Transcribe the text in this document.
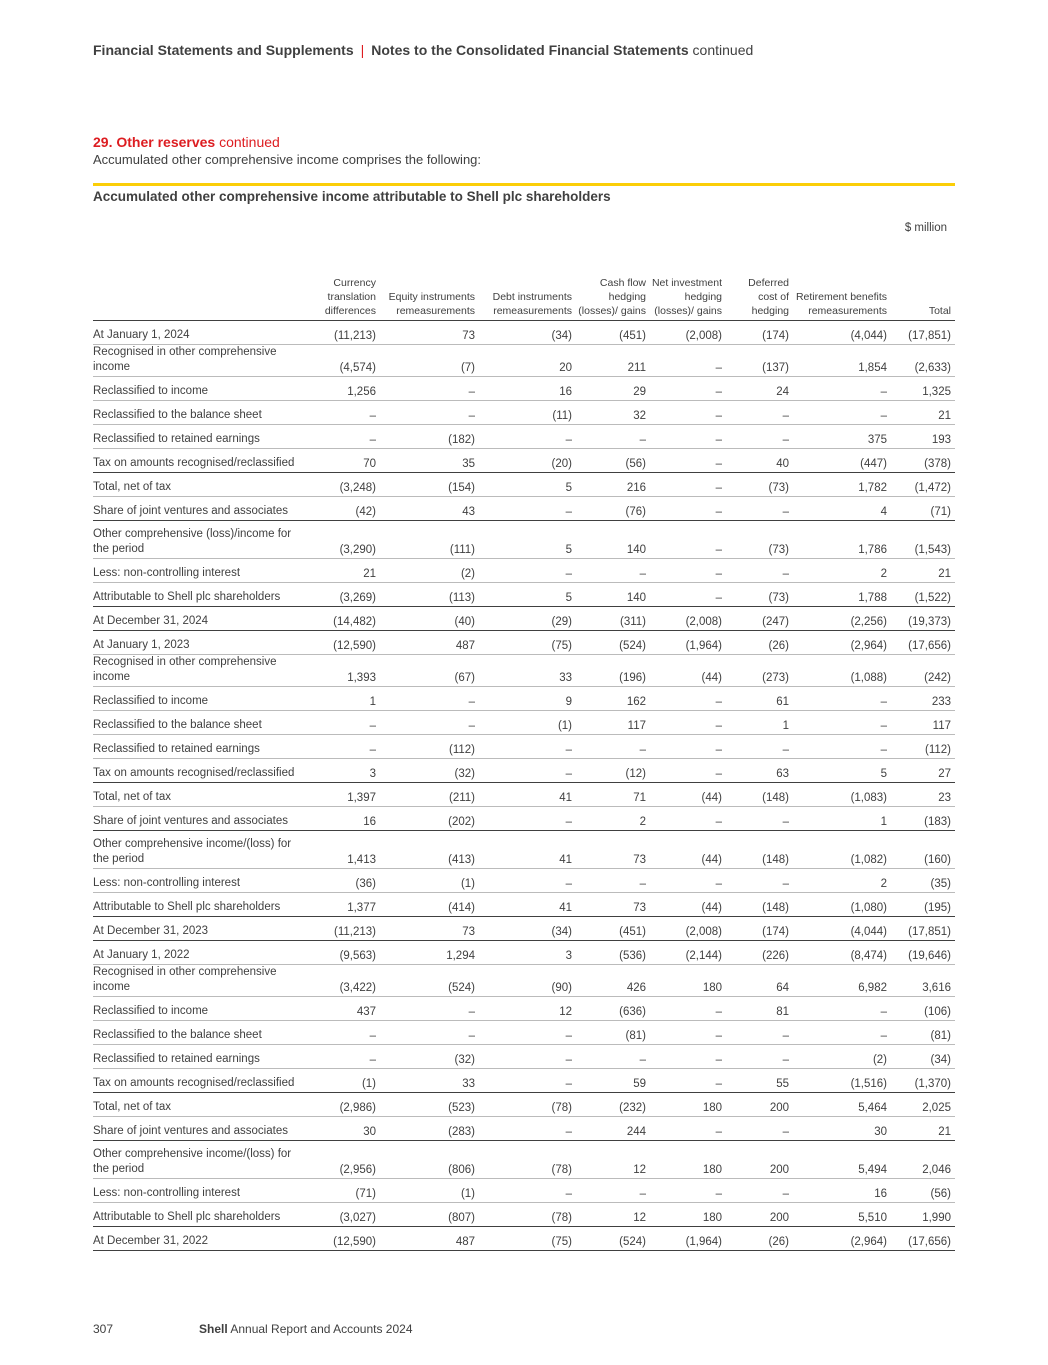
Financial Statements and Supplements | Notes to the Consolidated Financial Statements continued
29. Other reserves continued
Accumulated other comprehensive income comprises the following:
Accumulated other comprehensive income attributable to Shell plc shareholders
$ million
	Currency translation differences	Equity instruments remeasurements	Debt instruments remeasurements	Cash flow hedging (losses)/ gains	Net investment hedging (losses)/ gains	Deferred cost of hedging	Retirement benefits remeasurements	Total
At January 1, 2024	(11,213)	73	(34)	(451)	(2,008)	(174)	(4,044)	(17,851)
Recognised in other comprehensive income	(4,574)	(7)	20	211	–	(137)	1,854	(2,633)
Reclassified to income	1,256	–	16	29	–	24	–	1,325
Reclassified to the balance sheet	–	–	(11)	32	–	–	–	21
Reclassified to retained earnings	–	(182)	–	–	–	–	375	193
Tax on amounts recognised/reclassified	70	35	(20)	(56)	–	40	(447)	(378)
Total, net of tax	(3,248)	(154)	5	216	–	(73)	1,782	(1,472)
Share of joint ventures and associates	(42)	43	–	(76)	–	–	4	(71)
Other comprehensive (loss)/income for the period	(3,290)	(111)	5	140	–	(73)	1,786	(1,543)
Less: non-controlling interest	21	(2)	–	–	–	–	2	21
Attributable to Shell plc shareholders	(3,269)	(113)	5	140	–	(73)	1,788	(1,522)
At December 31, 2024	(14,482)	(40)	(29)	(311)	(2,008)	(247)	(2,256)	(19,373)
At January 1, 2023	(12,590)	487	(75)	(524)	(1,964)	(26)	(2,964)	(17,656)
Recognised in other comprehensive income	1,393	(67)	33	(196)	(44)	(273)	(1,088)	(242)
Reclassified to income	1	–	9	162	–	61	–	233
Reclassified to the balance sheet	–	–	(1)	117	–	1	–	117
Reclassified to retained earnings	–	(112)	–	–	–	–	–	(112)
Tax on amounts recognised/reclassified	3	(32)	–	(12)	–	63	5	27
Total, net of tax	1,397	(211)	41	71	(44)	(148)	(1,083)	23
Share of joint ventures and associates	16	(202)	–	2	–	–	1	(183)
Other comprehensive income/(loss) for the period	1,413	(413)	41	73	(44)	(148)	(1,082)	(160)
Less: non-controlling interest	(36)	(1)	–	–	–	–	2	(35)
Attributable to Shell plc shareholders	1,377	(414)	41	73	(44)	(148)	(1,080)	(195)
At December 31, 2023	(11,213)	73	(34)	(451)	(2,008)	(174)	(4,044)	(17,851)
At January 1, 2022	(9,563)	1,294	3	(536)	(2,144)	(226)	(8,474)	(19,646)
Recognised in other comprehensive income	(3,422)	(524)	(90)	426	180	64	6,982	3,616
Reclassified to income	437	–	12	(636)	–	81	–	(106)
Reclassified to the balance sheet	–	–	–	(81)	–	–	–	(81)
Reclassified to retained earnings	–	(32)	–	–	–	–	(2)	(34)
Tax on amounts recognised/reclassified	(1)	33	–	59	–	55	(1,516)	(1,370)
Total, net of tax	(2,986)	(523)	(78)	(232)	180	200	5,464	2,025
Share of joint ventures and associates	30	(283)	–	244	–	–	30	21
Other comprehensive income/(loss) for the period	(2,956)	(806)	(78)	12	180	200	5,494	2,046
Less: non-controlling interest	(71)	(1)	–	–	–	–	16	(56)
Attributable to Shell plc shareholders	(3,027)	(807)	(78)	12	180	200	5,510	1,990
At December 31, 2022	(12,590)	487	(75)	(524)	(1,964)	(26)	(2,964)	(17,656)
307	Shell Annual Report and Accounts 2024
